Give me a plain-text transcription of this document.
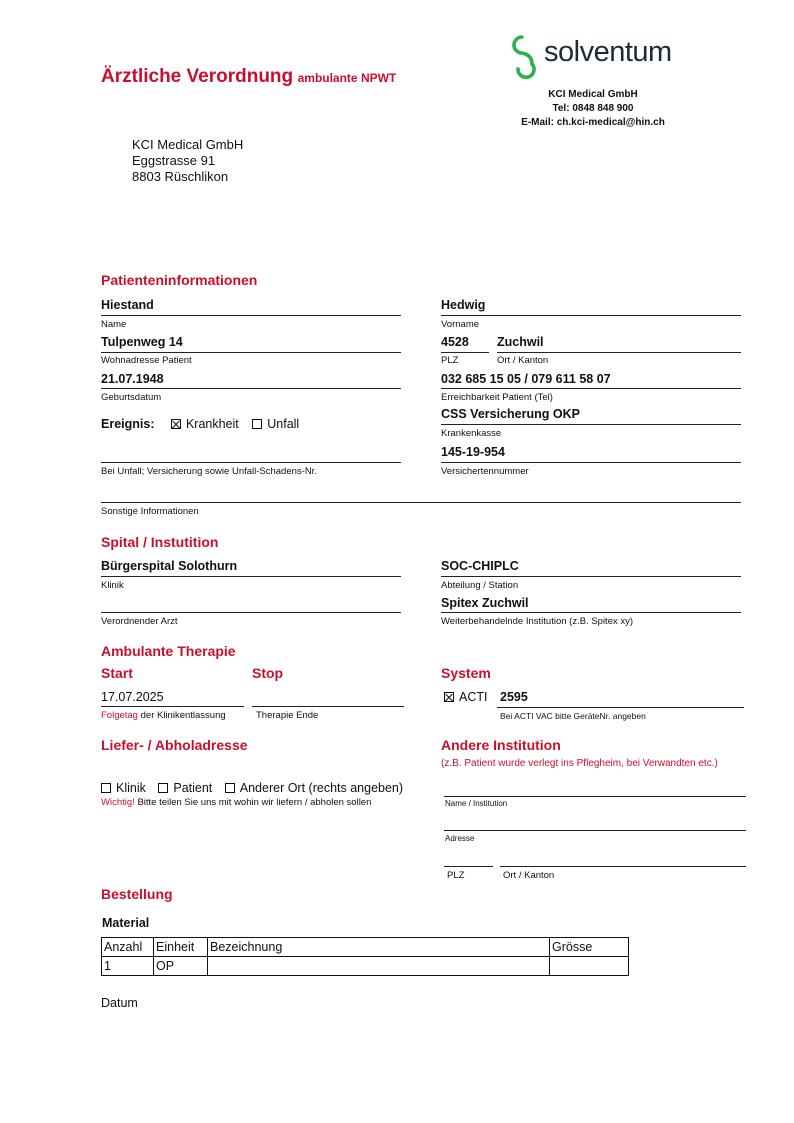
Ärztliche Verordnung ambulante NPWT
solventum
KCI Medical GmbH
Tel: 0848 848 900
E-Mail: ch.kci-medical@hin.ch
KCI Medical GmbH
Eggstrasse 91
8803 Rüschlikon
Patienteninformationen
Hiestand
Name
Hedwig
Vorname
Tulpenweg 14
Wohnadresse Patient
4528
PLZ
Zuchwil
Ort / Kanton
21.07.1948
Geburtsdatum
032 685 15 05 / 079 611 58 07
Erreichbarkeit Patient (Tel)
Ereignis:	Krankheit Unfall
CSS Versicherung OKP
Krankenkasse
Bei Unfall; Versicherung sowie Unfall-Schadens-Nr.
145-19-954
Versichertennummer
Sonstige Informationen
Spital / Instutition
Bürgerspital Solothurn
Klinik
SOC-CHIPLC
Abteilung / Station
Verordnender Arzt
Spitex Zuchwil
Weiterbehandelnde Institution (z.B. Spitex xy)
Ambulante Therapie
Start	Stop	System
17.07.2025
Folgetag der Klinikentlassung	Therapie Ende
ACTI 2595
Bei ACTI VAC bitte GeräteNr. angeben
Liefer- / Abholadresse
Klinik Patient Anderer Ort (rechts angeben)
Wichtig! Bitte teilen Sie uns mit wohin wir liefern / abholen sollen
Andere Institution
(z.B. Patient wurde verlegt ins Pflegheim, bei Verwandten etc.)
Name / Institution
Adresse
PLZ	Ort / Kanton
Bestellung
Material
Anzahl	Einheit	Bezeichnung	Grösse
1	OP		
Datum
